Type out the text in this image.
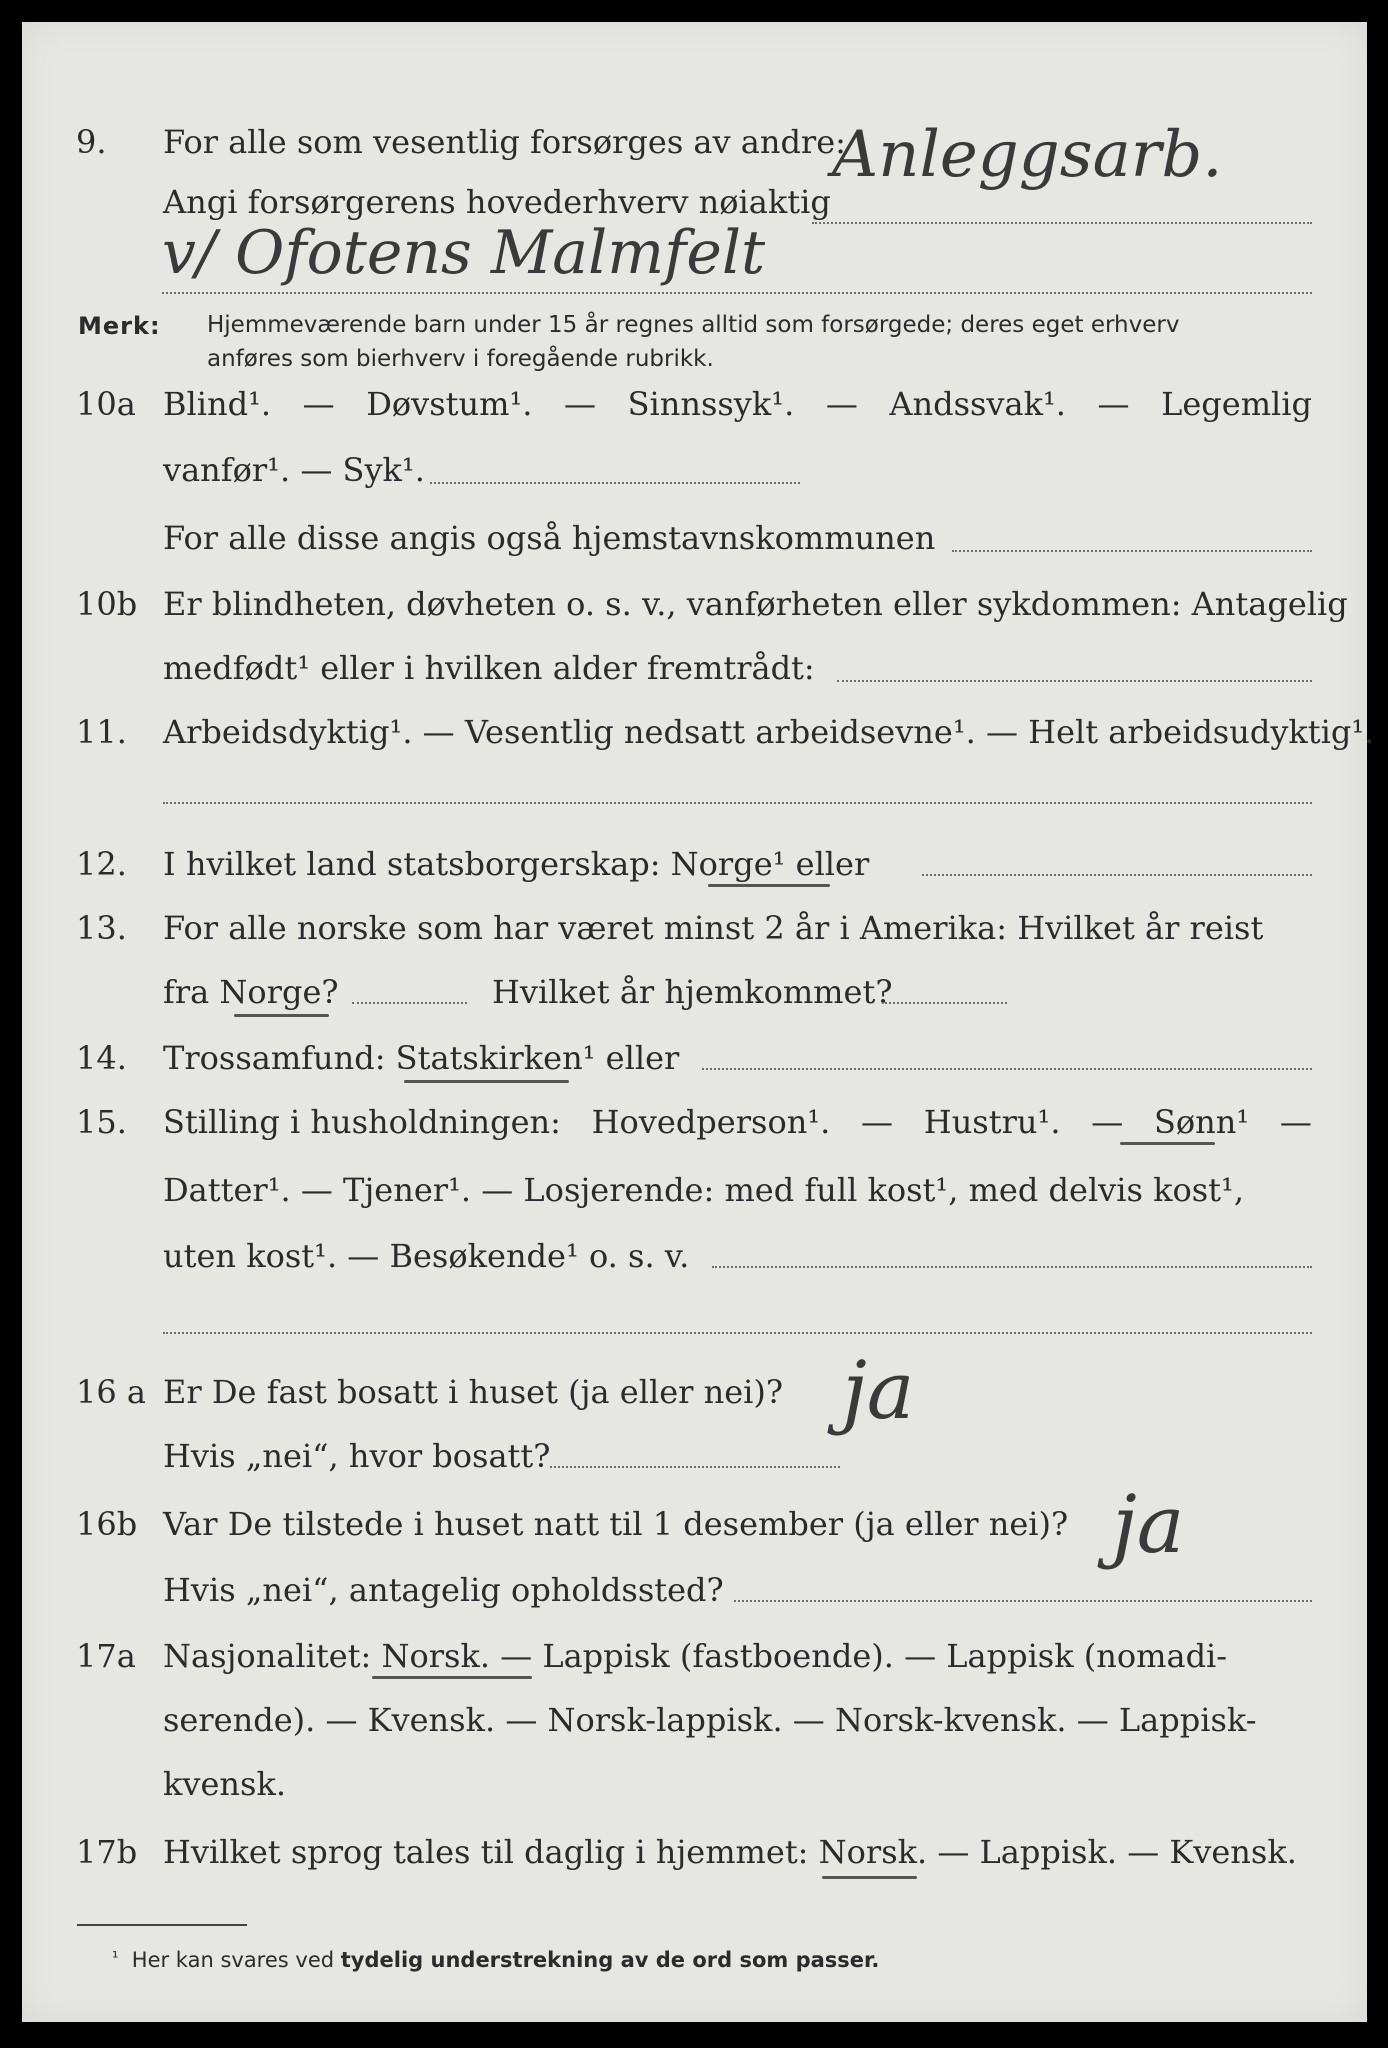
9. For alle som vesentlig forsørges av andre:
Anleggsarb.
Angi forsørgerens hovederhverv nøiaktig
v/ Ofotens Malmfelt
Merk: Hjemmeværende barn under 15 år regnes alltid som forsørgede; deres eget erhverv
anføres som bierhverv i foregående rubrikk.
10a Blind¹. — Døvstum¹. — Sinnssyk¹. — Andssvak¹. — Legemlig
vanfør¹. — Syk¹.
For alle disse angis også hjemstavnskommunen
10b Er blindheten, døvheten o. s. v., vanførheten eller sykdommen: Antagelig
medfødt¹ eller i hvilken alder fremtrådt:
11. Arbeidsdyktig¹. — Vesentlig nedsatt arbeidsevne¹. — Helt arbeidsudyktig¹.
12. I hvilket land statsborgerskap: Norge¹ eller
13. For alle norske som har været minst 2 år i Amerika: Hvilket år reist
fra Norge?	Hvilket år hjemkommet?
14. Trossamfund: Statskirken¹ eller
15. Stilling i husholdningen: Hovedperson¹. — Hustru¹. — Sønn¹ —
Datter¹. — Tjener¹. — Losjerende: med full kost¹, med delvis kost¹,
uten kost¹. — Besøkende¹ o. s. v.
16 a Er De fast bosatt i huset (ja eller nei)? ja
Hvis „nei“, hvor bosatt?
16b Var De tilstede i huset natt til 1 desember (ja eller nei)? ja
Hvis „nei“, antagelig opholdssted?
17a Nasjonalitet: Norsk. — Lappisk (fastboende). — Lappisk (nomadi-
serende). — Kvensk. — Norsk-lappisk. — Norsk-kvensk. — Lappisk-
kvensk.
17b Hvilket sprog tales til daglig i hjemmet: Norsk. — Lappisk. — Kvensk.
$^{^1}$ Her kan svares ved tydelig understrekning av de ord som passer.
